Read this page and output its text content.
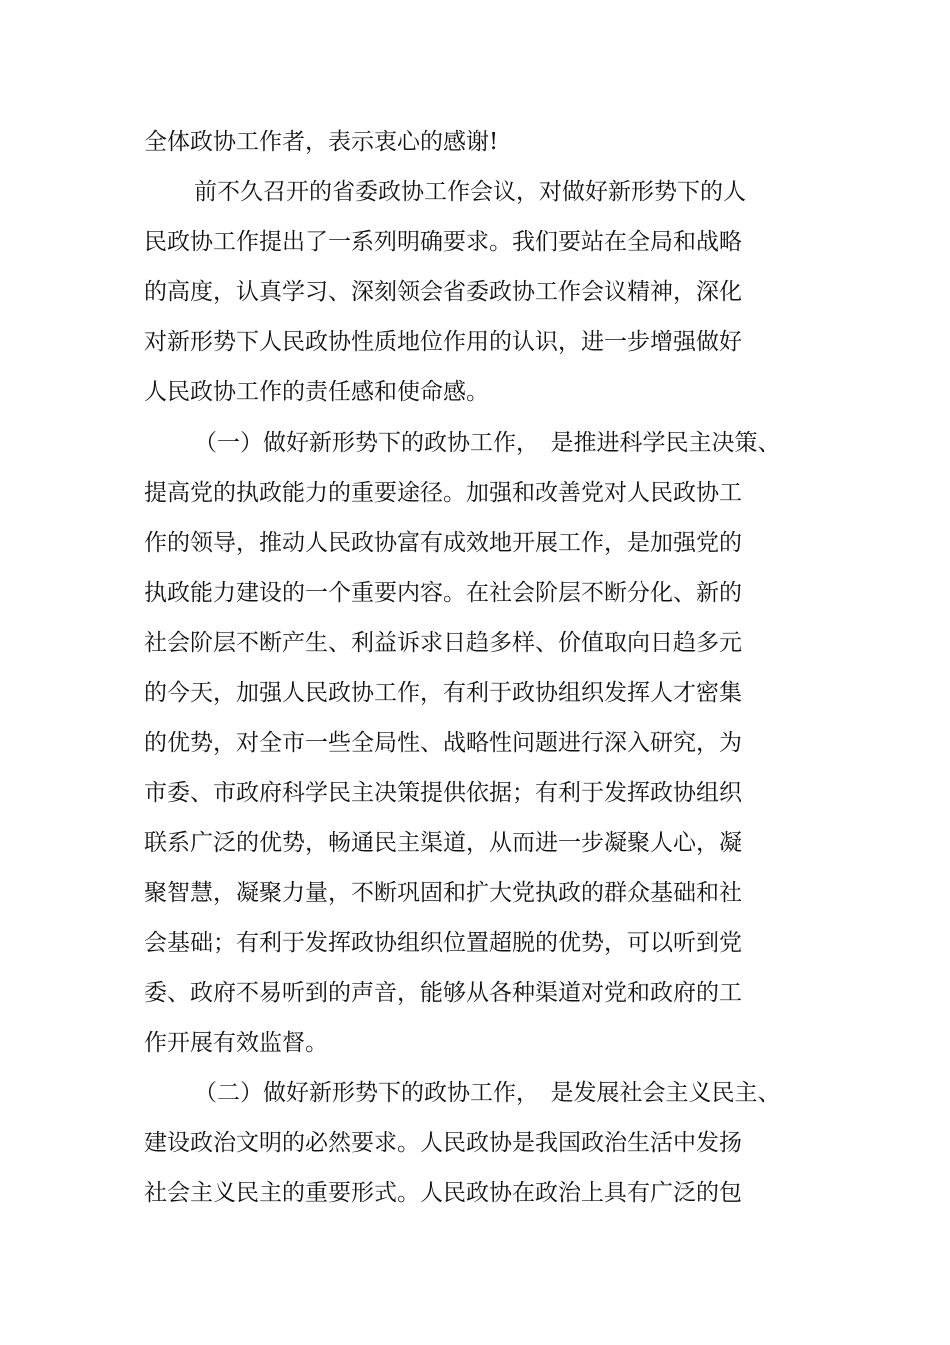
全体政协工作者，表示衷心的感谢!

前不久召开的省委政协工作会议，对做好新形势下的人

民政协工作提出了一系列明确要求。我们要站在全局和战略

的高度，认真学习、深刻领会省委政协工作会议精神，深化

对新形势下人民政协性质地位作用的认识，进一步增强做好

人民政协工作的责任感和使命感。

（一）做好新形势下的政协工作，　是推进科学民主决策、

提高党的执政能力的重要途径。加强和改善党对人民政协工

作的领导，推动人民政协富有成效地开展工作，是加强党的

执政能力建设的一个重要内容。在社会阶层不断分化、新的

社会阶层不断产生、利益诉求日趋多样、价值取向日趋多元

的今天，加强人民政协工作，有利于政协组织发挥人才密集

的优势，对全市一些全局性、战略性问题进行深入研究，为

市委、市政府科学民主决策提供依据；有利于发挥政协组织

联系广泛的优势，畅通民主渠道，从而进一步凝聚人心，凝

聚智慧，凝聚力量，不断巩固和扩大党执政的群众基础和社

会基础；有利于发挥政协组织位置超脱的优势，可以听到党

委、政府不易听到的声音，能够从各种渠道对党和政府的工

作开展有效监督。

（二）做好新形势下的政协工作，　是发展社会主义民主、

建设政治文明的必然要求。人民政协是我国政治生活中发扬

社会主义民主的重要形式。人民政协在政治上具有广泛的包
